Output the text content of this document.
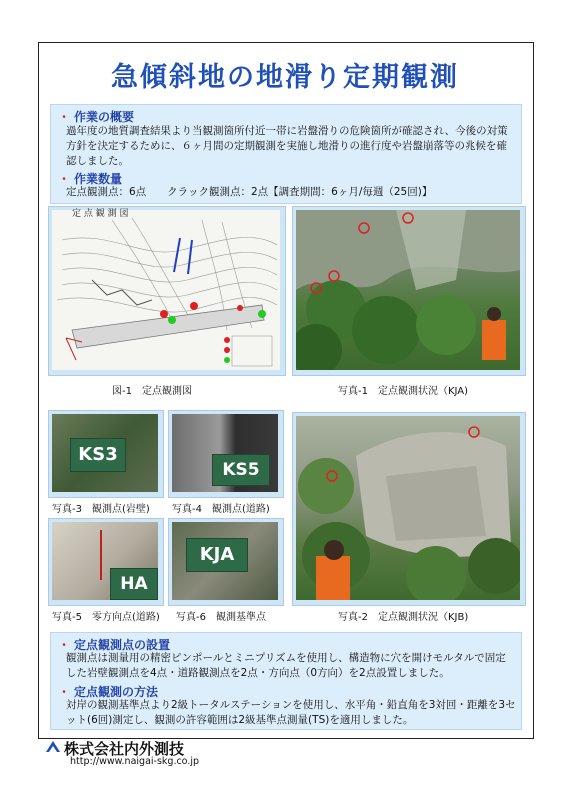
急傾斜地の地滑り定期観測
・ 作業の概要
過年度の地質調査結果より当観測箇所付近一帯に岩盤滑りの危険箇所が確認され、今後の対策方針を決定するために、６ヶ月間の定期観測を実施し地滑りの進行度や岩盤崩落等の兆候を確認しました。
・ 作業数量
定点観測点：6点　　クラック観測点：2点【調査期間：6ヶ月/毎週（25回)】
定 点 観 測 図
図-1　定点観測図	写真-1　定点観測状況（KJA)
KS3
写真-3　観測点(岩壁)
KS5
写真-4　観測点(道路)
HA
写真-5　零方向点(道路)
KJA
写真-6　観測基準点	写真-2　定点観測状況（KJB)
・ 定点観測点の設置
観測点は測量用の精密ピンポールとミニプリズムを使用し、構造物に穴を開けモルタルで固定した岩壁観測点を4点・道路観測点を2点・方向点（0方向）を2点設置しました。
・ 定点観測の方法
対岸の観測基準点より2級トータルステーションを使用し、水平角・鉛直角を3対回・距離を3セット(6回)測定し、観測の許容範囲は2級基準点測量(TS)を適用しました。
株式会社内外測技
http://www.naigai-skg.co.jp
